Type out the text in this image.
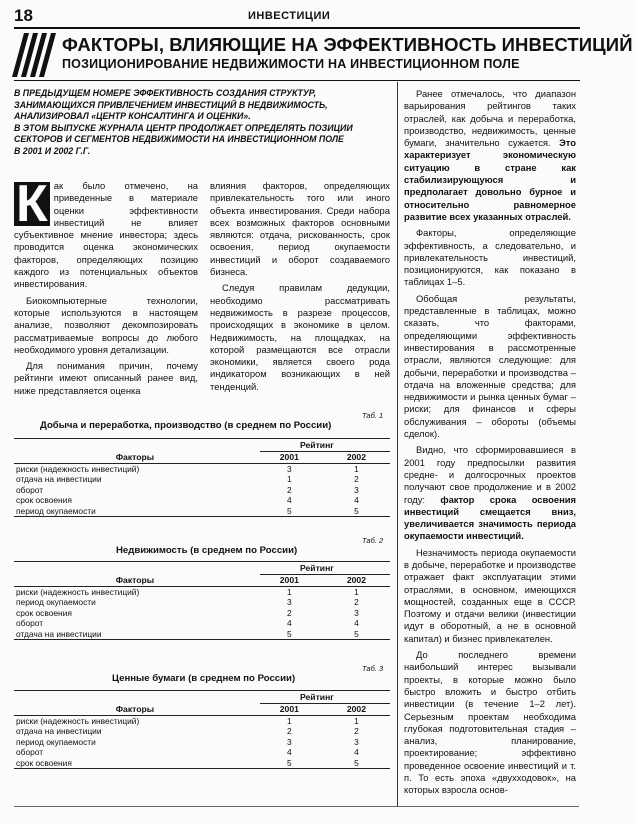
18	ИНВЕСТИЦИИ
ФАКТОРЫ, ВЛИЯЮЩИЕ НА ЭФФЕКТИВНОСТЬ ИНВЕСТИЦИЙ
ПОЗИЦИОНИРОВАНИЕ НЕДВИЖИМОСТИ НА ИНВЕСТИЦИОННОМ ПОЛЕ
В ПРЕДЫДУЩЕМ НОМЕРЕ ЭФФЕКТИВНОСТЬ СОЗДАНИЯ СТРУКТУР,
ЗАНИМАЮЩИХСЯ ПРИВЛЕЧЕНИЕМ ИНВЕСТИЦИЙ В НЕДВИЖИМОСТЬ,
АНАЛИЗИРОВАЛ «ЦЕНТР КОНСАЛТИНГА И ОЦЕНКИ».
В ЭТОМ ВЫПУСКЕ ЖУРНАЛА ЦЕНТР ПРОДОЛЖАЕТ ОПРЕДЕЛЯТЬ ПОЗИЦИИ
СЕКТОРОВ И СЕГМЕНТОВ НЕДВИЖИМОСТИ НА ИНВЕСТИЦИОННОМ ПОЛЕ
В 2001 И 2002 Г.Г.

К ак было отмечено, на приведенные в материале оценки эффективности инвестиций не влияет субъективное мнение инвестора; здесь проводится оценка экономических факторов, определяющих позицию каждого из потенциальных объектов инвестирования.

Биокомпьютерные технологии, которые используются в настоящем анализе, позволяют декомпозировать рассматриваемые вопросы до любого необходимого уровня детализации.

Для понимания причин, почему рейтинги имеют описанный ранее вид, ниже представляется оценка

влияния факторов, определяющих привлекательность того или иного объекта инвестирования. Среди набора всех возможных факторов основными являются: отдача, рискованность, срок освоения, период окупаемости инвестиций и оборот создаваемого бизнеса.

Следуя правилам дедукции, необходимо рассматривать недвижимость в разрезе процессов, происходящих в экономике в целом. Недвижимость, на площадках, на которой размещаются все отрасли экономики, является своего рода индикатором возникающих в ней тенденций.

Ранее отмечалось, что диапазон варьирования рейтингов таких отраслей, как добыча и переработка, производство, недвижимость, ценные бумаги, значительно сужается. Это характеризует экономическую ситуацию в стране как стабилизирующуюся и предполагает довольно бурное и относительно равномерное развитие всех указанных отраслей.

Факторы, определяющие эффективность, а следовательно, и привлекательность инвестиций, позиционируются, как показано в таблицах 1–5.

Обобщая результаты, представленные в таблицах, можно сказать, что факторами, определяющими эффективность инвестирования в рассмотренные отрасли, являются следующие: для добычи, переработки и производства – отдача на вложенные средства; для недвижимости и рынка ценных бумаг – риски; для финансов и сферы обслуживания – обороты (объемы сделок).

Видно, что сформировавшиеся в 2001 году предпосылки развития средне- и долгосрочных проектов получают свое продолжение и в 2002 году: фактор срока освоения инвестиций смещается вниз, увеличивается значимость периода окупаемости инвестиций.

Незначимость периода окупаемости в добыче, переработке и производстве отражает факт эксплуатации этими отраслями, в основном, имеющихся мощностей, созданных еще в СССР. Поэтому и отдачи велики (инвестиции идут в оборотный, а не в основной капитал) и бизнес привлекателен.

До последнего времени наибольший интерес вызывали проекты, в которые можно было быстро вложить и быстро отбить инвестиции (в течение 1–2 лет). Серьезным проектам необходима глубокая подготовительная стадия – анализ, планирование, проектирование; эффективно проведенное освоение инвестиций и т. п. То есть эпоха «двухходовок», на которых взросла основ-

Таб. 1
Добыча и переработка, производство (в среднем по России)
Рейтинг
Факторы	2001	2002
риски (надежность инвестиций)	3	1
отдача на инвестиции	1	2
оборот	2	3
срок освоения	4	4
период окупаемости	5	5
Таб. 2
Недвижимость (в среднем по России)
Рейтинг
Факторы	2001	2002
риски (надежность инвестиций)	1	1
период окупаемости	3	2
срок освоения	2	3
оборот	4	4
отдача на инвестиции	5	5
Таб. 3
Ценные бумаги (в среднем по России)
Рейтинг
Факторы	2001	2002
риски (надежность инвестиций)	1	1
отдача на инвестиции	2	2
период окупаемости	3	3
оборот	4	4
срок освоения	5	5
